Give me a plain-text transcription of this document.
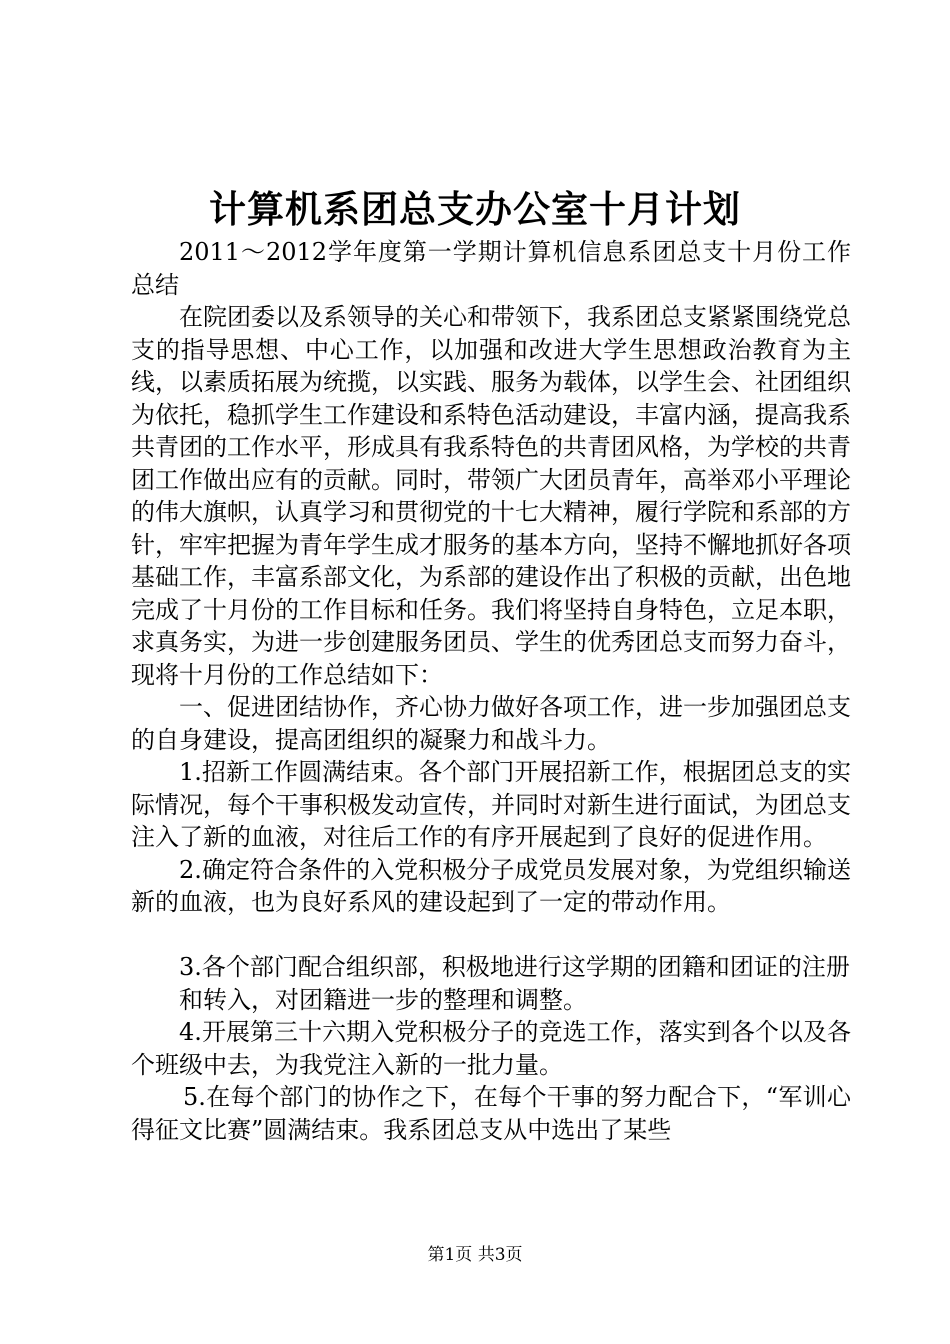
计算机系团总支办公室十月计划

2011～2012学年度第一学期计算机信息系团总支十月份工作总结

在院团委以及系领导的关心和带领下，我系团总支紧紧围绕党总支的指导思想、中心工作，以加强和改进大学生思想政治教育为主线，以素质拓展为统揽，以实践、服务为载体，以学生会、社团组织为依托，稳抓学生工作建设和系特色活动建设，丰富内涵，提高我系共青团的工作水平，形成具有我系特色的共青团风格，为学校的共青团工作做出应有的贡献。同时，带领广大团员青年，高举邓小平理论的伟大旗帜，认真学习和贯彻党的十七大精神，履行学院和系部的方针，牢牢把握为青年学生成才服务的基本方向，坚持不懈地抓好各项基础工作，丰富系部文化，为系部的建设作出了积极的贡献，出色地完成了十月份的工作目标和任务。我们将坚持自身特色，立足本职，求真务实，为进一步创建服务团员、学生的优秀团总支而努力奋斗，现将十月份的工作总结如下：

一、促进团结协作，齐心协力做好各项工作，进一步加强团总支的自身建设，提高团组织的凝聚力和战斗力。

1.招新工作圆满结束。各个部门开展招新工作，根据团总支的实际情况，每个干事积极发动宣传，并同时对新生进行面试，为团总支注入了新的血液，对往后工作的有序开展起到了良好的促进作用。

2.确定符合条件的入党积极分子成党员发展对象，为党组织输送新的血液，也为良好系风的建设起到了一定的带动作用。

3.各个部门配合组织部，积极地进行这学期的团籍和团证的注册

和转入，对团籍进一步的整理和调整。

4.开展第三十六期入党积极分子的竞选工作，落实到各个以及各个班级中去，为我党注入新的一批力量。

5.在每个部门的协作之下，在每个干事的努力配合下，“军训心得征文比赛”圆满结束。我系团总支从中选出了某些

第1页 共3页
